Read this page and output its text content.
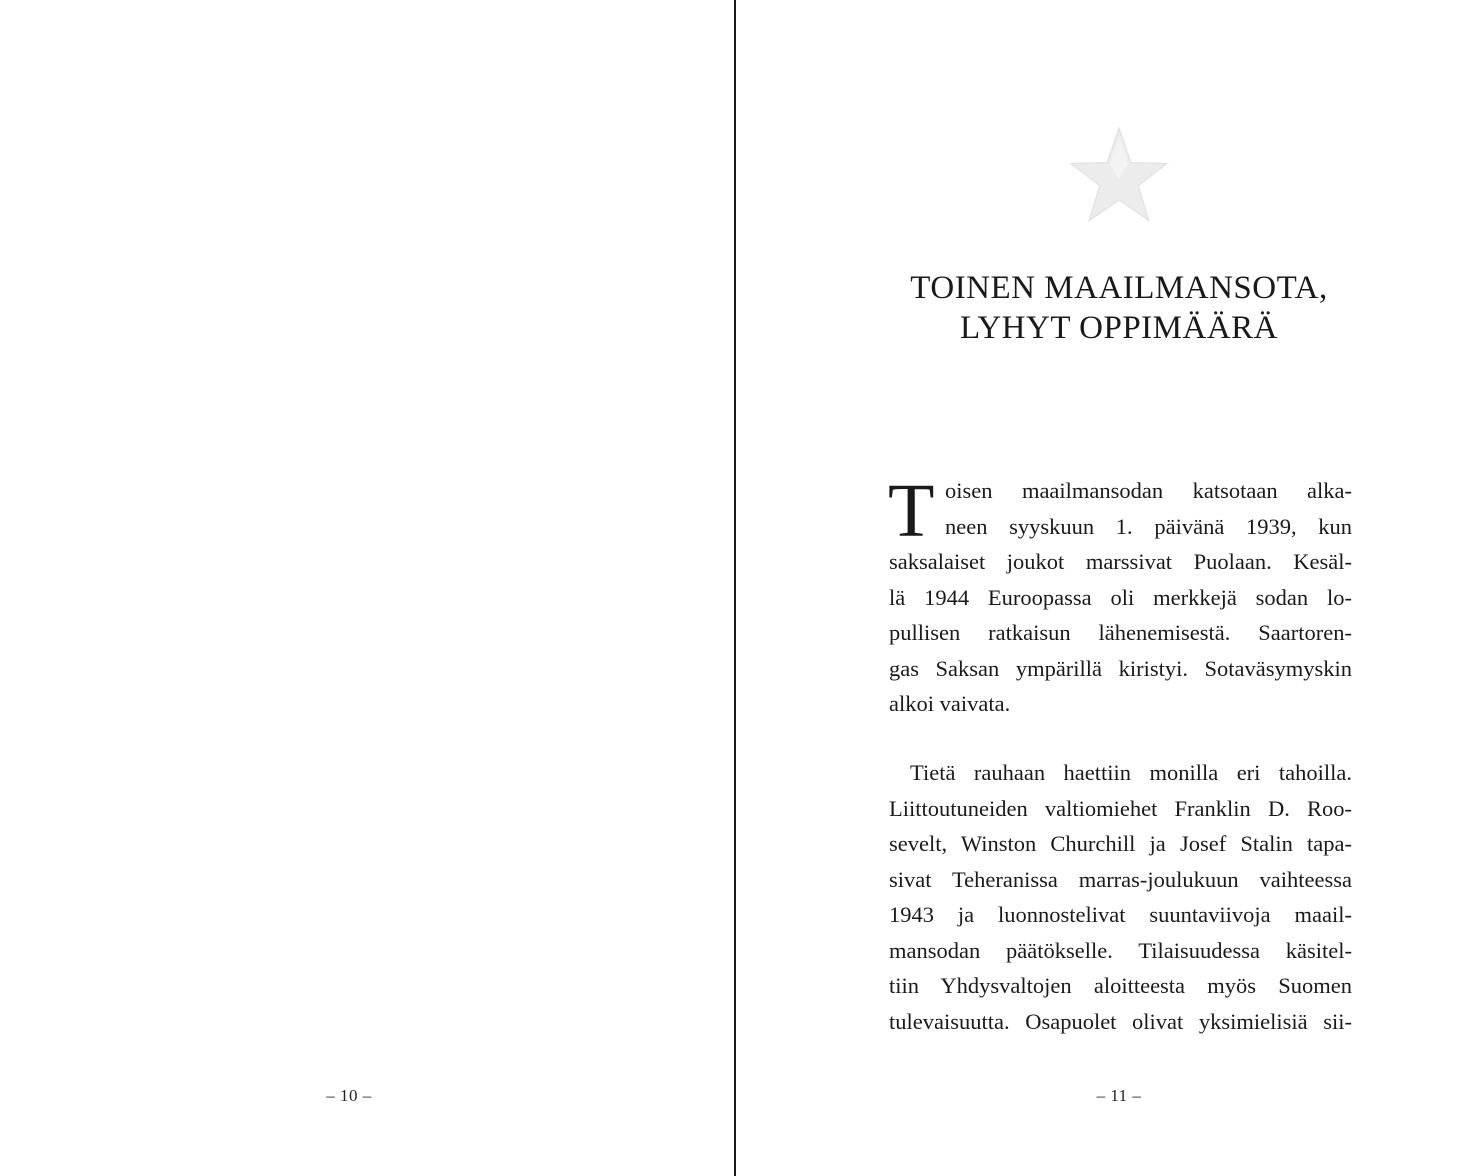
– 10 –
TOINEN MAAILMANSOTA,
LYHYT OPPIMÄÄRÄ
T oisen maailmansodan katsotaan alka-
neen syyskuun 1. päivänä 1939, kun
saksalaiset joukot marssivat Puolaan. Kesäl-
lä 1944 Euroopassa oli merkkejä sodan lo-
pullisen ratkaisun lähenemisestä. Saartoren-
gas Saksan ympärillä kiristyi. Sotaväsymyskin
alkoi vaivata.
Tietä rauhaan haettiin monilla eri tahoilla.
Liittoutuneiden valtiomiehet Franklin D. Roo-
sevelt, Winston Churchill ja Josef Stalin tapa-
sivat Teheranissa marras-joulukuun vaihteessa
1943 ja luonnostelivat suuntaviivoja maail-
mansodan päätökselle. Tilaisuudessa käsitel-
tiin Yhdysvaltojen aloitteesta myös Suomen
tulevaisuutta. Osapuolet olivat yksimielisiä sii-
– 11 –
